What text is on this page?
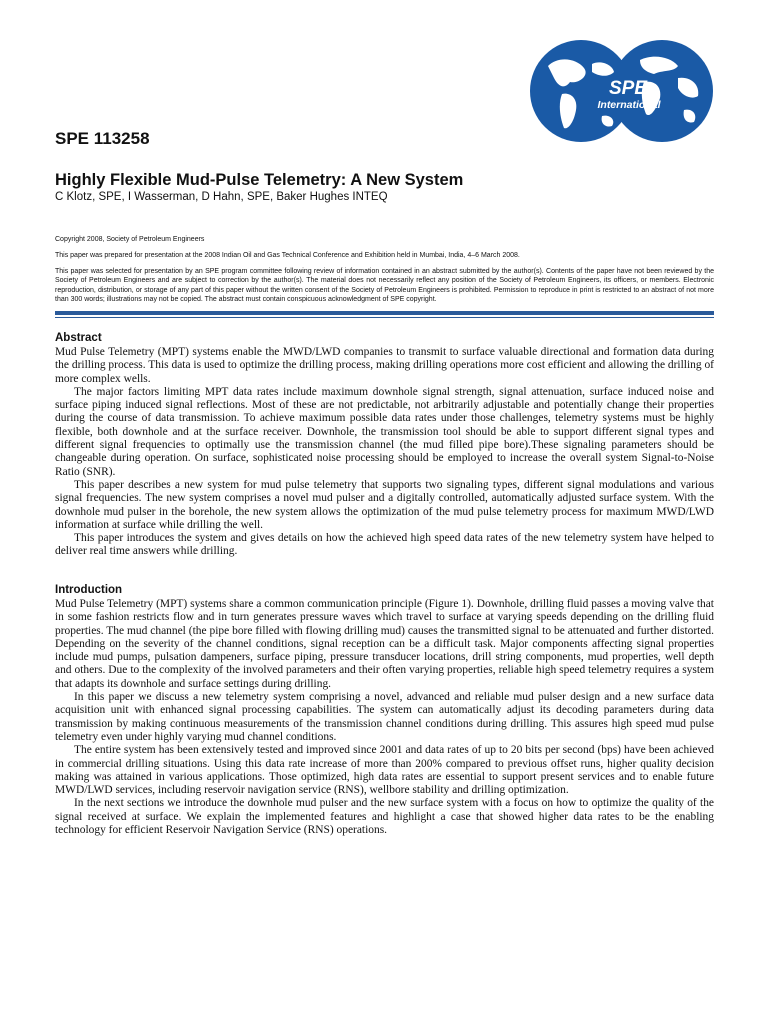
SPE
International
SPE 113258
Highly Flexible Mud-Pulse Telemetry: A New System

C Klotz, SPE, I Wasserman, D Hahn, SPE, Baker Hughes INTEQ

Copyright 2008, Society of Petroleum Engineers

This paper was prepared for presentation at the 2008 Indian Oil and Gas Technical Conference and Exhibition held in Mumbai, India, 4–6 March 2008.

This paper was selected for presentation by an SPE program committee following review of information contained in an abstract submitted by the author(s). Contents of the paper have not been reviewed by the Society of Petroleum Engineers and are subject to correction by the author(s). The material does not necessarily reflect any position of the Society of Petroleum Engineers, its officers, or members. Electronic reproduction, distribution, or storage of any part of this paper without the written consent of the Society of Petroleum Engineers is prohibited. Permission to reproduce in print is restricted to an abstract of not more than 300 words; illustrations may not be copied. The abstract must contain conspicuous acknowledgment of SPE copyright.

Abstract

Mud Pulse Telemetry (MPT) systems enable the MWD/LWD companies to transmit to surface valuable directional and formation data during the drilling process. This data is used to optimize the drilling process, making drilling operations more cost efficient and allowing the drilling of more complex wells.

The major factors limiting MPT data rates include maximum downhole signal strength, signal attenuation, surface induced noise and surface piping induced signal reflections. Most of these are not predictable, not arbitrarily adjustable and potentially change their properties during the course of data transmission. To achieve maximum possible data rates under those challenges, telemetry systems must be highly flexible, both downhole and at the surface receiver. Downhole, the transmission tool should be able to support different signal types and different signal frequencies to optimally use the transmission channel (the mud filled pipe bore).These signaling parameters should be changeable during operation. On surface, sophisticated noise processing should be employed to increase the overall system Signal-to-Noise Ratio (SNR).

This paper describes a new system for mud pulse telemetry that supports two signaling types, different signal modulations and various signal frequencies. The new system comprises a novel mud pulser and a digitally controlled, automatically adjusted surface system. With the downhole mud pulser in the borehole, the new system allows the optimization of the mud pulse telemetry process for maximum MWD/LWD information at surface while drilling the well.

This paper introduces the system and gives details on how the achieved high speed data rates of the new telemetry system have helped to deliver real time answers while drilling.

Introduction

Mud Pulse Telemetry (MPT) systems share a common communication principle (Figure 1). Downhole, drilling fluid passes a moving valve that in some fashion restricts flow and in turn generates pressure waves which travel to surface at varying speeds depending on the drilling fluid properties. The mud channel (the pipe bore filled with flowing drilling mud) causes the transmitted signal to be attenuated and further distorted. Depending on the severity of the channel conditions, signal reception can be a difficult task. Major components affecting signal properties include mud pumps, pulsation dampeners, surface piping, pressure transducer locations, drill string components, mud properties, well depth and others. Due to the complexity of the involved parameters and their often varying properties, reliable high speed telemetry requires a system that adapts its downhole and surface settings during drilling.

In this paper we discuss a new telemetry system comprising a novel, advanced and reliable mud pulser design and a new surface data acquisition unit with enhanced signal processing capabilities. The system can automatically adjust its decoding parameters during data transmission by making continuous measurements of the transmission channel conditions during drilling. This assures high speed mud pulse telemetry even under highly varying mud channel conditions.

The entire system has been extensively tested and improved since 2001 and data rates of up to 20 bits per second (bps) have been achieved in commercial drilling situations. Using this data rate increase of more than 200% compared to previous offset runs, higher quality decision making was attained in various applications. Those optimized, high data rates are essential to support present services and to enable future MWD/LWD services, including reservoir navigation service (RNS), wellbore stability and drilling optimization.

In the next sections we introduce the downhole mud pulser and the new surface system with a focus on how to optimize the quality of the signal received at surface. We explain the implemented features and highlight a case that showed higher data rates to be the enabling technology for efficient Reservoir Navigation Service (RNS) operations.
